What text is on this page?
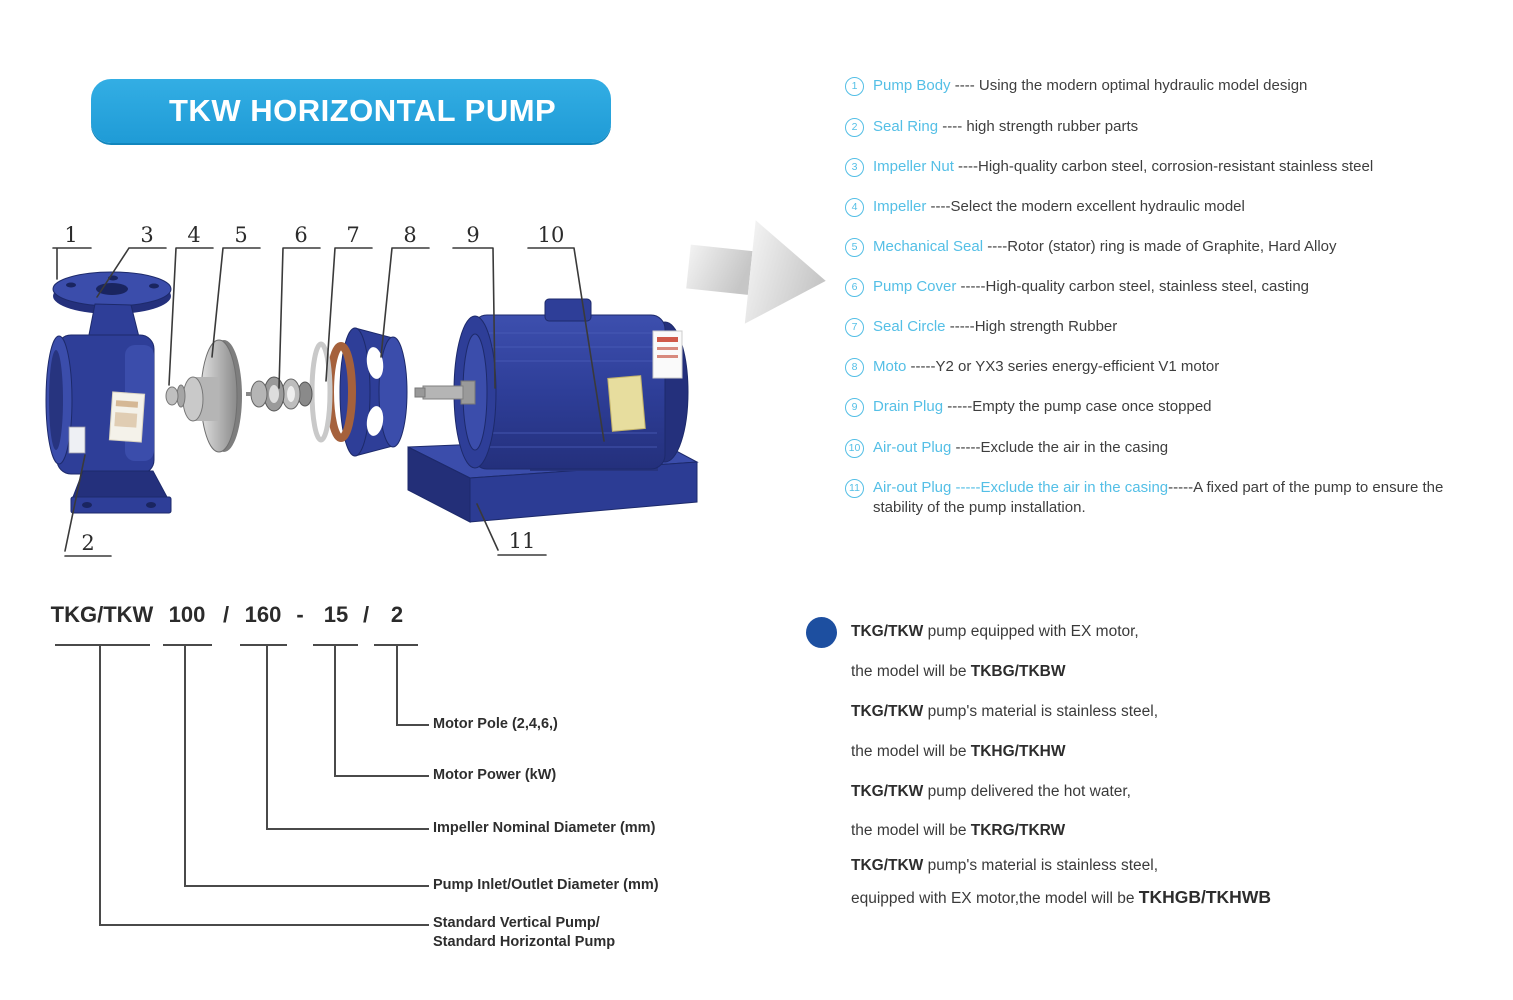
TKW HORIZONTAL PUMP
1	3 4 5 6 7 8 9	10
2	11
1	Pump Body ---- Using the modern optimal hydraulic model design
2	Seal Ring ---- high strength rubber parts
3	Impeller Nut ----High-quality carbon steel, corrosion-resistant stainless steel
4	Impeller ----Select the modern excellent hydraulic model
5	Mechanical Seal ----Rotor (stator) ring is made of Graphite, Hard Alloy
6	Pump Cover -----High-quality carbon steel, stainless steel, casting
7	Seal Circle -----High strength Rubber
8	Moto -----Y2 or YX3 series energy-efficient V1 motor
9	Drain Plug -----Empty the pump case once stopped
10 Air-out Plug -----Exclude the air in the casing
11 Air-out Plug -----Exclude the air in the casing-----A fixed part of the pump to ensure the stability of the pump installation.
TKG/TKW 100 / 160 - 15 / 2
Motor Pole (2,4,6,)
Motor Power (kW)
Impeller Nominal Diameter (mm)
Pump Inlet/Outlet Diameter (mm)
Standard Vertical Pump/
Standard Horizontal Pump
TKG/TKW pump equipped with EX motor,
the model will be TKBG/TKBW
TKG/TKW pump's material is stainless steel,
the model will be TKHG/TKHW
TKG/TKW pump delivered the hot water,
the model will be TKRG/TKRW
TKG/TKW pump's material is stainless steel,
equipped with EX motor,the model will be TKHGB/TKHWB
